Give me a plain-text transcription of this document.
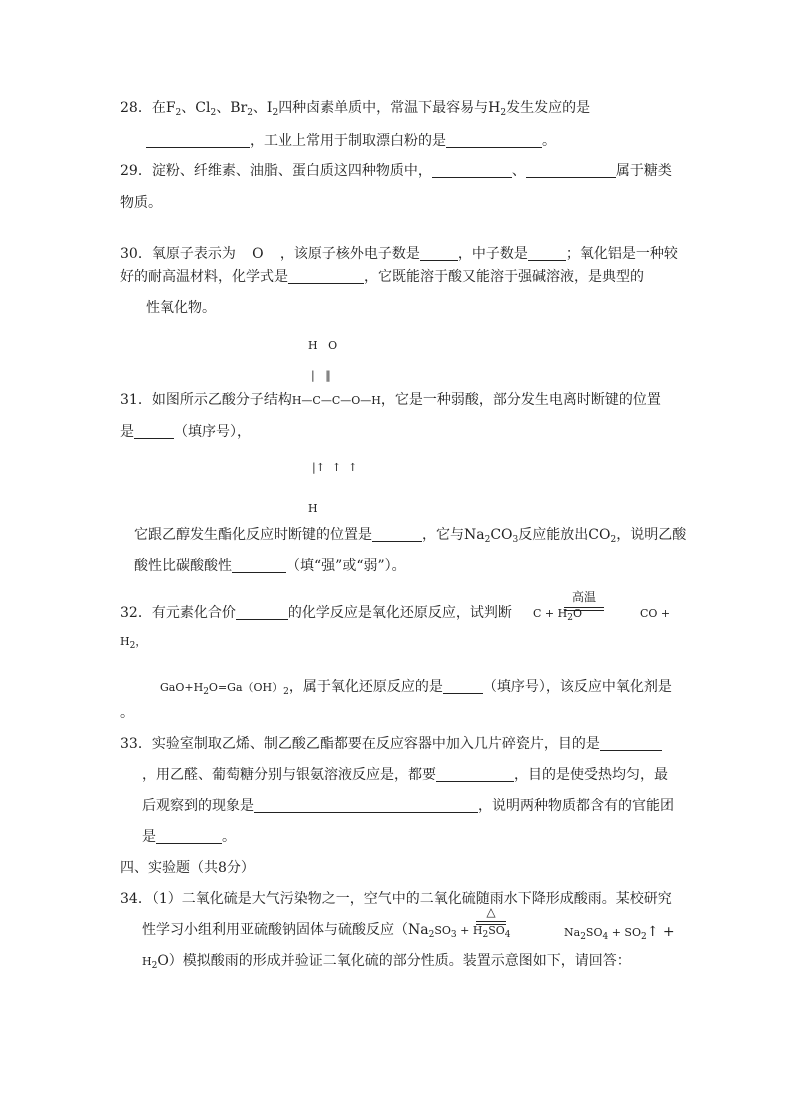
28．在$F_2$、$Cl_2$、$Br_2$、$I_2$四种卤素单质中，常温下最容易与$H_2$发生发应的是
，工业上常用于制取漂白粉的是	。
29．淀粉、纤维素、油脂、蛋白质这四种物质中，	、	属于糖类
物质。
30．氧原子表示为 O ，该原子核外电子数是	，中子数是	；氧化铝是一种较
好的耐高温材料，化学式是	，它既能溶于酸又能溶于强碱溶液，是典型的
性氧化物。
H   O
|   ‖
31．如图所示乙酸分子结构H—C—C—O—H，它是一种弱酸，部分发生电离时断键的位置
是	（填序号），
|↑  ↑  ↑
H
它跟乙醇发生酯化反应时断键的位置是	，它与$Na_2CO_3$反应能放出$CO_2$，说明乙酸
酸性比碳酸酸性	（填“强”或“弱”）。
高温
32．有元素化合价	的化学反应是氧化还原反应，试判断 $C + H_2O$	CO +
$H_2$，
$GaO+H_2O=Ga(OH)_2$，属于氧化还原反应的是	（填序号），该反应中氧化剂是
。
33．实验室制取乙烯、制乙酸乙酯都要在反应容器中加入几片碎瓷片，目的是
，用乙醛、葡萄糖分别与银氨溶液反应是，都要	，目的是使受热均匀，最
后观察到的现象是	，说明两种物质都含有的官能团
是	。
四、实验题（共8分）
34．（1）二氧化硫是大气污染物之一，空气中的二氧化硫随雨水下降形成酸雨。某校研究
△
性学习小组利用亚硫酸钠固体与硫酸反应（$Na_2SO_3 + H_2SO_4$	$Na_2SO_4$ + $SO_2↑$ +
$H_2O$）模拟酸雨的形成并验证二氧化硫的部分性质。装置示意图如下，请回答：
